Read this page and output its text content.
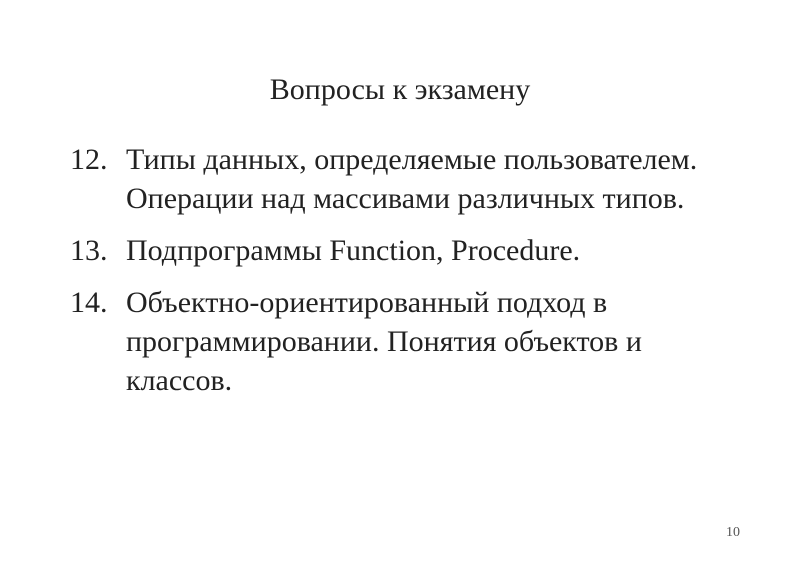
Вопросы к экзамену
12. Типы данных, определяемые пользователем. Операции над массивами различных типов.
13. Подпрограммы Function, Procedure.
14. Объектно-ориентированный подход в программировании. Понятия объектов и классов.
10
